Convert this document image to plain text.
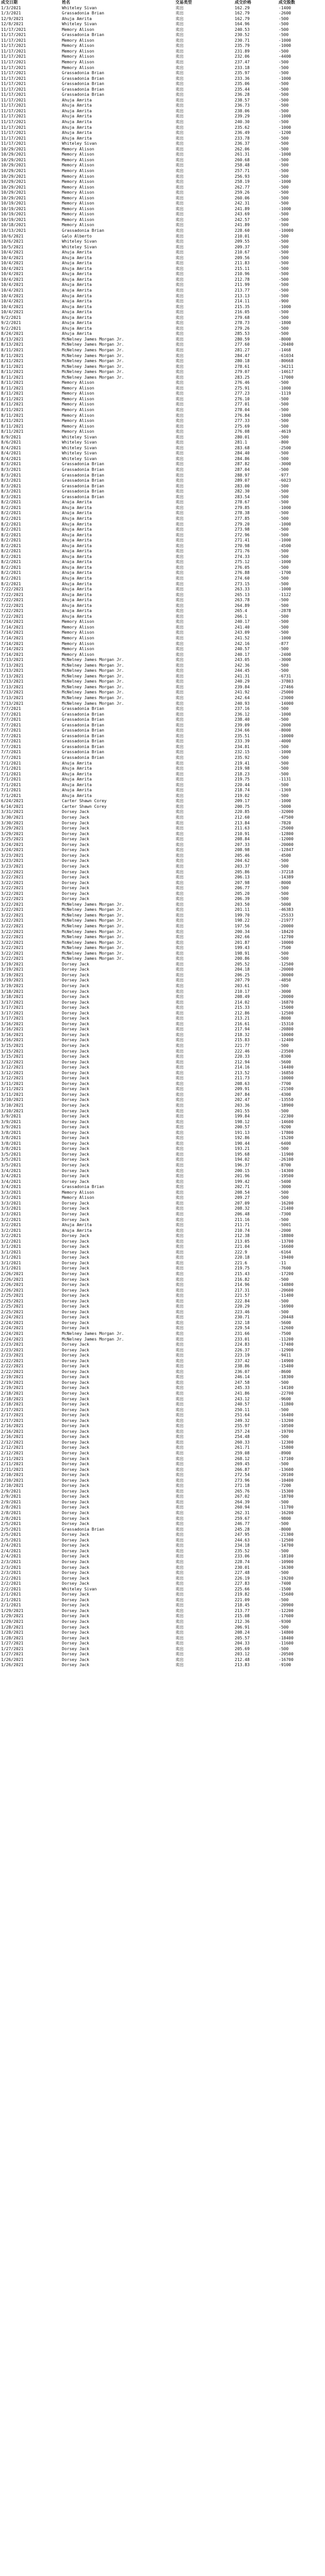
成交日期	姓名	交易类型	成交价格	成交股数
1/3/2021	Whiteley Sivan	卖出	162.29	-1400
1/3/2021	Grassadonia Brian	卖出	162.79	-2600
12/9/2021	Ahuja Amrita	卖出	162.79	-500
12/8/2021	Whiteley Sivan	卖出	164.96	-500
11/17/2021	Memory Alison	卖出	240.53	-500
11/17/2021	Grassadonia Brian	卖出	230.52	-500
11/17/2021	Memory Alison	卖出	230.71	-1000
11/17/2021	Memory Alison	卖出	235.79	-1000
11/17/2021	Memory Alison	卖出	231.89	-500
11/17/2021	Memory Alison	卖出	232.06	-4400
11/17/2021	Memory Alison	卖出	237.47	-500
11/17/2021	Memory Alison	卖出	233.18	-500
11/17/2021	Grassadonia Brian	卖出	235.97	-500
11/17/2021	Grassadonia Brian	卖出	233.36	-1000
11/17/2021	Grassadonia Brian	卖出	235.06	-500
11/17/2021	Grassadonia Brian	卖出	235.44	-500
11/17/2021	Grassadonia Brian	卖出	236.28	-500
11/17/2021	Ahuja Amrita	卖出	238.57	-500
11/17/2021	Ahuja Amrita	卖出	236.73	-500
11/17/2021	Ahuja Amrita	卖出	238.06	-500
11/17/2021	Ahuja Amrita	卖出	239.29	-1000
11/17/2021	Ahuja Amrita	卖出	240.30	-500
11/17/2021	Ahuja Amrita	卖出	235.62	-1000
11/17/2021	Ahuja Amrita	卖出	236.49	-1200
11/17/2021	Ahuja Amrita	卖出	233.78	-500
11/17/2021	Whiteley Sivan	卖出	236.37	-500
10/29/2021	Memory Alison	卖出	262.06	-500
10/29/2021	Memory Alison	卖出	261.31	-1000
10/29/2021	Memory Alison	卖出	260.68	-500
10/29/2021	Memory Alison	卖出	258.48	-500
10/29/2021	Memory Alison	卖出	257.71	-500
10/29/2021	Memory Alison	卖出	256.93	-500
10/29/2021	Memory Alison	卖出	258.19	-1000
10/29/2021	Memory Alison	卖出	262.77	-500
10/29/2021	Memory Alison	卖出	259.26	-500
10/29/2021	Memory Alison	卖出	260.06	-500
10/19/2021	Memory Alison	卖出	242.31	-500
10/19/2021	Memory Alison	卖出	241.89	-1000
10/19/2021	Memory Alison	卖出	243.69	-500
10/19/2021	Memory Alison	卖出	242.57	-500
10/18/2021	Memory Alison	卖出	241.89	-500
10/13/2021	Grassadonia Brian	卖出	228.60	-10000
10/6/2021	Galo Alberto	卖出	210.01	-500
10/6/2021	Whiteley Sivan	卖出	209.55	-500
10/5/2021	Whiteley Sivan	卖出	209.37	-500
10/4/2021	Ahuja Amrita	卖出	210.67	-500
10/4/2021	Ahuja Amrita	卖出	209.56	-500
10/4/2021	Ahuja Amrita	卖出	211.83	-500
10/4/2021	Ahuja Amrita	卖出	215.11	-500
10/4/2021	Ahuja Amrita	卖出	210.96	-500
10/4/2021	Ahuja Amrita	卖出	212.78	-500
10/4/2021	Ahuja Amrita	卖出	211.99	-500
10/4/2021	Ahuja Amrita	卖出	213.77	-500
10/4/2021	Ahuja Amrita	卖出	213.13	-500
10/4/2021	Ahuja Amrita	卖出	214.11	-900
10/4/2021	Ahuja Amrita	卖出	215.35	-1000
10/4/2021	Ahuja Amrita	卖出	216.05	-500
9/2/2021	Ahuja Amrita	卖出	279.68	-500
9/2/2021	Ahuja Amrita	卖出	278.73	-1800
9/2/2021	Ahuja Amrita	卖出	279.26	-500
8/24/2021	Ahuja Amrita	卖出	285.53	-500
8/13/2021	McNelney James Morgan Jr.	卖出	280.59	-8000
8/13/2021	McNelney James Morgan Jr.	卖出	277.60	-20400
8/11/2021	McNelney James Morgan Jr.	卖出	281.27	-1468
8/11/2021	McNelney James Morgan Jr.	卖出	284.47	-61034
8/11/2021	McNelney James Morgan Jr.	卖出	280.18	-80668
8/11/2021	McNelney James Morgan Jr.	卖出	278.61	-34211
8/11/2021	McNelney James Morgan Jr.	卖出	279.07	-14617
8/11/2021	McNelney James Morgan Jr.	卖出	283.25	-17000
8/11/2021	Memory Alison	卖出	276.46	-500
8/11/2021	Memory Alison	卖出	275.91	-1000
8/11/2021	Memory Alison	卖出	277.23	-1119
8/11/2021	Memory Alison	卖出	276.10	-500
8/11/2021	Memory Alison	卖出	277.01	-500
8/11/2021	Memory Alison	卖出	278.04	-500
8/11/2021	Memory Alison	卖出	276.84	-1000
8/11/2021	Memory Alison	卖出	277.33	-500
8/11/2021	Memory Alison	卖出	275.69	-500
8/11/2021	Memory Alison	卖出	276.08	-4619
8/9/2021	Whiteley Sivan	卖出	280.01	-500
8/6/2021	Whiteley Sivan	卖出	281.1	-800
8/4/2021	Whiteley Sivan	卖出	283.68	-2500
8/4/2021	Whiteley Sivan	卖出	284.40	-500
8/4/2021	Whiteley Sivan	卖出	284.86	-500
8/3/2021	Grassadonia Brian	卖出	287.82	-3000
8/3/2021	Grassadonia Brian	卖出	287.04	-500
8/3/2021	Grassadonia Brian	卖出	288.97	-977
8/3/2021	Grassadonia Brian	卖出	289.07	-6023
8/3/2021	Grassadonia Brian	卖出	283.00	-500
8/3/2021	Grassadonia Brian	卖出	282.30	-500
8/3/2021	Grassadonia Brian	卖出	283.54	-500
8/2/2021	Ahuja Amrita	卖出	278.67	-500
8/2/2021	Ahuja Amrita	卖出	279.85	-1000
8/2/2021	Ahuja Amrita	卖出	278.38	-500
8/2/2021	Ahuja Amrita	卖出	277.85	-500
8/2/2021	Ahuja Amrita	卖出	279.20	-1000
8/2/2021	Ahuja Amrita	卖出	273.98	-500
8/2/2021	Ahuja Amrita	卖出	272.96	-500
8/2/2021	Ahuja Amrita	卖出	271.41	-1000
8/2/2021	Ahuja Amrita	卖出	270.98	-4500
8/2/2021	Ahuja Amrita	卖出	271.76	-500
8/2/2021	Ahuja Amrita	卖出	274.33	-500
8/2/2021	Ahuja Amrita	卖出	275.12	-1000
8/2/2021	Ahuja Amrita	卖出	276.05	-500
8/2/2021	Ahuja Amrita	卖出	276.88	-1700
8/2/2021	Ahuja Amrita	卖出	274.60	-500
8/2/2021	Ahuja Amrita	卖出	273.15	-500
7/22/2021	Ahuja Amrita	卖出	263.33	-1000
7/22/2021	Ahuja Amrita	卖出	265.13	-1122
7/22/2021	Ahuja Amrita	卖出	263.78	-500
7/22/2021	Ahuja Amrita	卖出	264.89	-500
7/22/2021	Ahuja Amrita	卖出	265.4	-2878
7/22/2021	Ahuja Amrita	卖出	266.1	-500
7/14/2021	Memory Alison	卖出	240.17	-500
7/14/2021	Memory Alison	卖出	241.40	-500
7/14/2021	Memory Alison	卖出	243.09	-500
7/14/2021	Memory Alison	卖出	241.52	-1000
7/14/2021	Memory Alison	卖出	242.16	-877
7/14/2021	Memory Alison	卖出	240.57	-500
7/14/2021	Memory Alison	卖出	240.17	-2400
7/13/2021	McNelney James Morgan Jr.	卖出	243.05	-3000
7/13/2021	McNelney James Morgan Jr.	卖出	242.36	-500
7/13/2021	McNelney James Morgan Jr.	卖出	244.45	-500
7/13/2021	McNelney James Morgan Jr.	卖出	241.31	-6731
7/13/2021	McNelney James Morgan Jr.	卖出	240.29	-37803
7/13/2021	McNelney James Morgan Jr.	卖出	239.84	-27466
7/13/2021	McNelney James Morgan Jr.	卖出	241.92	-25000
7/13/2021	McNelney James Morgan Jr.	卖出	242.64	-23000
7/13/2021	McNelney James Morgan Jr.	卖出	240.93	-14000
7/7/2021	Grassadonia Brian	卖出	237.16	-500
7/7/2021	Grassadonia Brian	卖出	236.12	-1000
7/7/2021	Grassadonia Brian	卖出	238.40	-500
7/7/2021	Grassadonia Brian	卖出	239.09	-2000
7/7/2021	Grassadonia Brian	卖出	234.66	-8000
7/7/2021	Grassadonia Brian	卖出	235.51	-10000
7/7/2021	Grassadonia Brian	卖出	233.39	-4000
7/7/2021	Grassadonia Brian	卖出	234.81	-500
7/7/2021	Grassadonia Brian	卖出	232.15	-1000
7/7/2021	Grassadonia Brian	卖出	235.92	-500
7/1/2021	Ahuja Amrita	卖出	219.41	-500
7/1/2021	Ahuja Amrita	卖出	219.98	-500
7/1/2021	Ahuja Amrita	卖出	218.23	-500
7/1/2021	Ahuja Amrita	卖出	219.75	-1131
7/1/2021	Ahuja Amrita	卖出	220.44	-500
7/1/2021	Ahuja Amrita	卖出	218.74	-1369
7/1/2021	Ahuja Amrita	卖出	219.02	-500
6/24/2021	Carter Shawn Corey	卖出	209.17	-1000
6/14/2021	Carter Shawn Corey	卖出	200.75	-5000
3/31/2021	Dorsey Jack	卖出	220.85	-32000
3/30/2021	Dorsey Jack	卖出	212.60	-47500
3/30/2021	Dorsey Jack	卖出	213.84	-7820
3/29/2021	Dorsey Jack	卖出	211.63	-25000
3/29/2021	Dorsey Jack	卖出	210.91	-12800
3/25/2021	Dorsey Jack	卖出	208.84	-12000
3/24/2021	Dorsey Jack	卖出	207.33	-20000
3/24/2021	Dorsey Jack	卖出	208.98	-12847
3/23/2021	Dorsey Jack	卖出	205.46	-4500
3/23/2021	Dorsey Jack	卖出	204.62	-500
3/23/2021	Dorsey Jack	卖出	203.37	-500
3/22/2021	Dorsey Jack	卖出	205.86	-37218
3/22/2021	Dorsey Jack	卖出	206.13	-14389
3/22/2021	Dorsey Jack	卖出	207.98	-8000
3/22/2021	Dorsey Jack	卖出	206.77	-500
3/22/2021	Dorsey Jack	卖出	205.20	-500
3/22/2021	Dorsey Jack	卖出	206.39	-500
3/22/2021	McNelney James Morgan Jr.	卖出	203.50	-5000
3/22/2021	McNelney James Morgan Jr.	卖出	201.11	-46383
3/22/2021	McNelney James Morgan Jr.	卖出	199.70	-25533
3/22/2021	McNelney James Morgan Jr.	卖出	198.22	-21977
3/22/2021	McNelney James Morgan Jr.	卖出	197.56	-20000
3/22/2021	McNelney James Morgan Jr.	卖出	200.34	-18420
3/22/2021	McNelney James Morgan Jr.	卖出	202.66	-12700
3/22/2021	McNelney James Morgan Jr.	卖出	201.87	-10000
3/22/2021	McNelney James Morgan Jr.	卖出	199.43	-7500
3/22/2021	McNelney James Morgan Jr.	卖出	198.91	-500
3/22/2021	McNelney James Morgan Jr.	卖出	200.86	-500
3/19/2021	Dorsey Jack	卖出	205.52	-12500
3/19/2021	Dorsey Jack	卖出	204.18	-20000
3/19/2021	Dorsey Jack	卖出	206.25	-30000
3/19/2021	Dorsey Jack	卖出	207.79	-4850
3/19/2021	Dorsey Jack	卖出	203.61	-500
3/18/2021	Dorsey Jack	卖出	210.17	-3000
3/18/2021	Dorsey Jack	卖出	208.49	-20000
3/17/2021	Dorsey Jack	卖出	214.02	-16870
3/17/2021	Dorsey Jack	卖出	215.33	-15000
3/17/2021	Dorsey Jack	卖出	212.86	-12500
3/17/2021	Dorsey Jack	卖出	213.21	-8000
3/16/2021	Dorsey Jack	卖出	216.61	-15310
3/16/2021	Dorsey Jack	卖出	217.94	-20800
3/16/2021	Dorsey Jack	卖出	218.32	-10000
3/16/2021	Dorsey Jack	卖出	215.83	-12400
3/15/2021	Dorsey Jack	卖出	221.77	-500
3/15/2021	Dorsey Jack	卖出	222.46	-23500
3/15/2021	Dorsey Jack	卖出	220.33	-8300
3/12/2021	Dorsey Jack	卖出	212.94	-5600
3/12/2021	Dorsey Jack	卖出	214.16	-14400
3/12/2021	Dorsey Jack	卖出	213.52	-16850
3/12/2021	Dorsey Jack	卖出	211.73	-10000
3/11/2021	Dorsey Jack	卖出	208.63	-7700
3/11/2021	Dorsey Jack	卖出	209.91	-21500
3/11/2021	Dorsey Jack	卖出	207.84	-4300
3/10/2021	Dorsey Jack	卖出	202.47	-13550
3/10/2021	Dorsey Jack	卖出	203.36	-18900
3/10/2021	Dorsey Jack	卖出	201.55	-500
3/9/2021	Dorsey Jack	卖出	199.84	-22300
3/9/2021	Dorsey Jack	卖出	198.12	-14600
3/9/2021	Dorsey Jack	卖出	200.57	-9200
3/8/2021	Dorsey Jack	卖出	191.13	-17800
3/8/2021	Dorsey Jack	卖出	192.86	-15200
3/8/2021	Dorsey Jack	卖出	190.44	-6400
3/8/2021	Dorsey Jack	卖出	193.21	-500
3/5/2021	Dorsey Jack	卖出	195.68	-11900
3/5/2021	Dorsey Jack	卖出	194.02	-26100
3/5/2021	Dorsey Jack	卖出	196.37	-8700
3/4/2021	Dorsey Jack	卖出	200.15	-14300
3/4/2021	Dorsey Jack	卖出	201.96	-19500
3/4/2021	Dorsey Jack	卖出	199.42	-5400
3/4/2021	Grassadonia Brian	卖出	202.71	-3000
3/3/2021	Memory Alison	卖出	208.54	-500
3/3/2021	Memory Alison	卖出	209.27	-500
3/3/2021	Dorsey Jack	卖出	207.09	-16200
3/3/2021	Dorsey Jack	卖出	208.32	-21400
3/3/2021	Dorsey Jack	卖出	206.48	-7300
3/2/2021	Dorsey Jack	卖出	211.16	-500
3/2/2021	Ahuja Amrita	卖出	211.71	-5001
3/2/2021	Ahuja Amrita	卖出	210.74	-2000
3/2/2021	Dorsey Jack	卖出	212.38	-18800
3/2/2021	Dorsey Jack	卖出	213.05	-13700
3/1/2021	Dorsey Jack	卖出	221.04	-16600
3/1/2021	Dorsey Jack	卖出	222.9	-6164
3/1/2021	Dorsey Jack	卖出	220.18	-19400
3/1/2021	Dorsey Jack	卖出	221.6	-11
3/1/2021	Dorsey Jack	卖出	219.75	-7600
2/26/2021	Dorsey Jack	卖出	215.43	-17200
2/26/2021	Dorsey Jack	卖出	216.82	-500
2/26/2021	Dorsey Jack	卖出	214.96	-14800
2/26/2021	Dorsey Jack	卖出	217.31	-20600
2/25/2021	Dorsey Jack	卖出	221.57	-11400
2/25/2021	Dorsey Jack	卖出	222.84	-500
2/25/2021	Dorsey Jack	卖出	220.29	-16900
2/25/2021	Dorsey Jack	卖出	223.46	-500
2/24/2021	Dorsey Jack	卖出	230.71	-20448
2/24/2021	Dorsey Jack	卖出	232.18	-5600
2/24/2021	Dorsey Jack	卖出	229.54	-12600
2/24/2021	McNelney James Morgan Jr.	卖出	231.66	-7500
2/24/2021	McNelney James Morgan Jr.	卖出	233.01	-11200
2/23/2021	Dorsey Jack	卖出	224.83	-17400
2/23/2021	Dorsey Jack	卖出	226.37	-12900
2/23/2021	Dorsey Jack	卖出	223.19	-9411
2/22/2021	Dorsey Jack	卖出	237.42	-14900
2/22/2021	Dorsey Jack	卖出	238.86	-15400
2/22/2021	Dorsey Jack	卖出	236.07	-8600
2/19/2021	Dorsey Jack	卖出	246.14	-18300
2/19/2021	Dorsey Jack	卖出	247.58	-500
2/19/2021	Dorsey Jack	卖出	245.33	-14100
2/18/2021	Dorsey Jack	卖出	241.86	-22700
2/18/2021	Dorsey Jack	卖出	243.12	-9600
2/18/2021	Dorsey Jack	卖出	240.57	-11800
2/17/2021	Dorsey Jack	卖出	250.11	-500
2/17/2021	Dorsey Jack	卖出	251.64	-16400
2/17/2021	Dorsey Jack	卖出	249.32	-13200
2/16/2021	Dorsey Jack	卖出	255.97	-10500
2/16/2021	Dorsey Jack	卖出	257.24	-19700
2/16/2021	Dorsey Jack	卖出	254.48	-500
2/12/2021	Dorsey Jack	卖出	260.33	-12300
2/12/2021	Dorsey Jack	卖出	261.71	-15800
2/12/2021	Dorsey Jack	卖出	259.08	-8900
2/11/2021	Dorsey Jack	卖出	268.12	-17100
2/11/2021	Dorsey Jack	卖出	269.45	-500
2/11/2021	Dorsey Jack	卖出	266.87	-13600
2/10/2021	Dorsey Jack	卖出	272.54	-20100
2/10/2021	Dorsey Jack	卖出	273.96	-10400
2/10/2021	Dorsey Jack	卖出	271.18	-7200
2/9/2021	Dorsey Jack	卖出	265.76	-15300
2/9/2021	Dorsey Jack	卖出	267.02	-18700
2/9/2021	Dorsey Jack	卖出	264.39	-500
2/8/2021	Dorsey Jack	卖出	260.94	-11700
2/8/2021	Dorsey Jack	卖出	262.31	-16200
2/8/2021	Dorsey Jack	卖出	259.67	-9800
2/5/2021	Dorsey Jack	卖出	246.77	-500
2/5/2021	Grassadonia Brian	卖出	245.28	-8000
2/5/2021	Dorsey Jack	卖出	247.95	-21300
2/5/2021	Dorsey Jack	卖出	244.63	-12500
2/4/2021	Dorsey Jack	卖出	234.18	-14700
2/4/2021	Dorsey Jack	卖出	235.52	-500
2/4/2021	Dorsey Jack	卖出	233.06	-18100
2/3/2021	Dorsey Jack	卖出	228.74	-10900
2/3/2021	Dorsey Jack	卖出	230.01	-16300
2/3/2021	Dorsey Jack	卖出	227.48	-500
2/2/2021	Dorsey Jack	卖出	226.19	-19200
2/2/2021	Dorsey Jack	卖出	227.83	-7400
2/2/2021	Whiteley Sivan	卖出	225.66	-1500
2/1/2021	Dorsey Jack	卖出	219.82	-15600
2/1/2021	Dorsey Jack	卖出	221.09	-500
2/1/2021	Dorsey Jack	卖出	218.45	-20900
1/29/2021	Dorsey Jack	卖出	213.77	-12200
1/29/2021	Dorsey Jack	卖出	215.08	-17600
1/29/2021	Dorsey Jack	卖出	212.36	-9300
1/28/2021	Dorsey Jack	卖出	206.91	-500
1/28/2021	Dorsey Jack	卖出	208.24	-14800
1/28/2021	Dorsey Jack	卖出	205.57	-18400
1/27/2021	Dorsey Jack	卖出	204.33	-11600
1/27/2021	Dorsey Jack	卖出	205.69	-500
1/27/2021	Dorsey Jack	卖出	203.12	-20500
1/26/2021	Dorsey Jack	卖出	212.48	-16700
1/26/2021	Dorsey Jack	卖出	213.83	-9100
